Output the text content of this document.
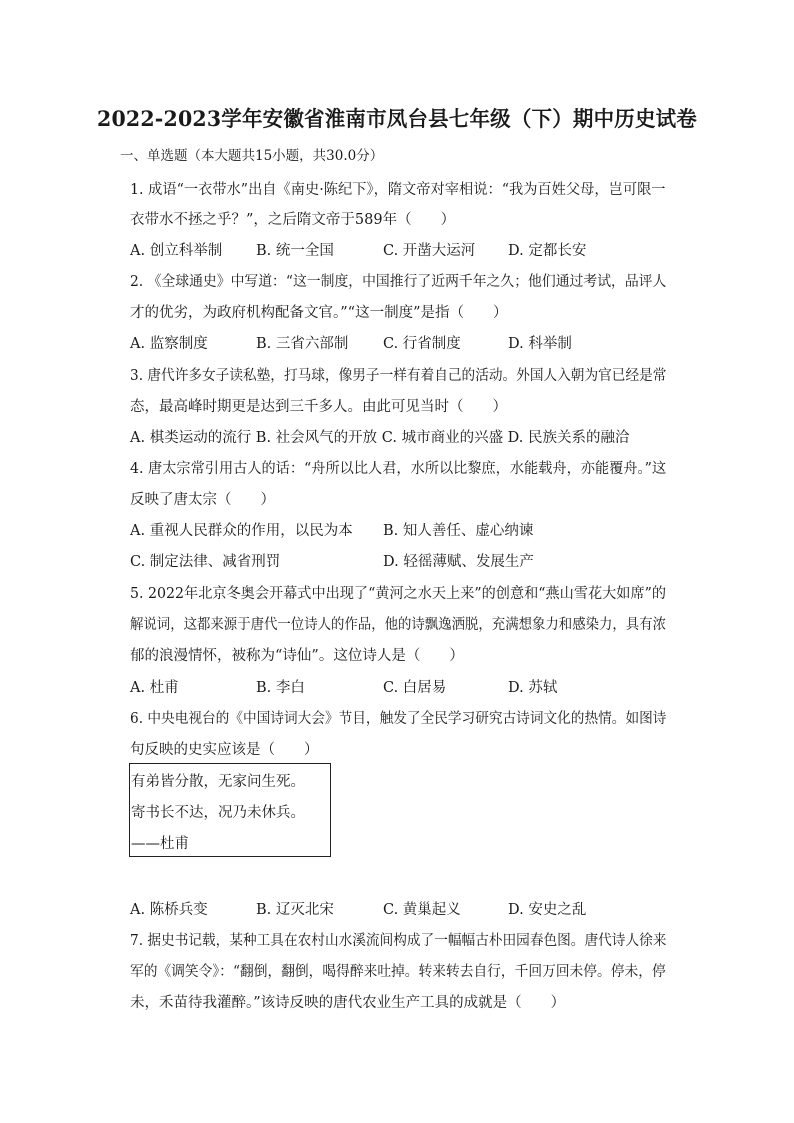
2022-2023学年安徽省淮南市凤台县七年级（下）期中历史试卷
一、单选题（本大题共15小题，共30.0分）
1. 成语“一衣带水”出自《南史·陈纪下》，隋文帝对宰相说：“我为百姓父母，岂可限一
衣带水不拯之乎？”，之后隋文帝于589年（　　）
A. 创立科举制 B. 统一全国	C. 开凿大运河 D. 定都长安
2. 《全球通史》中写道：“这一制度，中国推行了近两千年之久；他们通过考试，品评人
才的优劣，为政府机构配备文官。”“这一制度”是指（　　）
A. 监察制度	B. 三省六部制 C. 行省制度	D. 科举制
3. 唐代许多女子读私塾，打马球，像男子一样有着自己的活动。外国人入朝为官已经是常
态，最高峰时期更是达到三千多人。由此可见当时（　　）
A. 棋类运动的流行 B. 社会风气的开放 C. 城市商业的兴盛 D. 民族关系的融洽
4. 唐太宗常引用古人的话：“舟所以比人君，水所以比黎庶，水能载舟，亦能覆舟。”这
反映了唐太宗（　　）
A. 重视人民群众的作用，以民为本 B. 知人善任、虚心纳谏
C. 制定法律、减省刑罚	D. 轻徭薄赋、发展生产
5. 2022年北京冬奥会开幕式中出现了“黄河之水天上来”的创意和“燕山雪花大如席”的
解说词，这都来源于唐代一位诗人的作品，他的诗飘逸洒脱，充满想象力和感染力，具有浓
郁的浪漫情怀，被称为“诗仙”。这位诗人是（　　）
A. 杜甫	B. 李白	C. 白居易	D. 苏轼
6. 中央电视台的《中国诗词大会》节目，触发了全民学习研究古诗词文化的热情。如图诗
句反映的史实应该是（　　）
有弟皆分散，无家问生死。
寄书长不达，况乃未休兵。
——杜甫
A. 陈桥兵变	B. 辽灭北宋	C. 黄巢起义	D. 安史之乱
7. 据史书记载，某种工具在农村山水溪流间构成了一幅幅古朴田园春色图。唐代诗人徐来
军的《调笑令》：“翻倒，翻倒，喝得醉来吐掉。转来转去自行，千回万回未停。停未，停
未，禾苗待我灌醉。”该诗反映的唐代农业生产工具的成就是（　　）
